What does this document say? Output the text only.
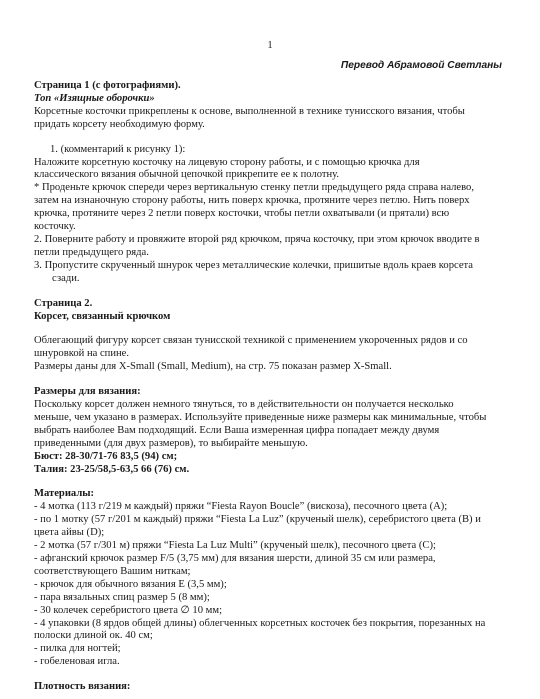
1
Перевод Абрамовой Светланы

Страница 1 (с фотографиями).

Топ «Изящные оборочки»

Корсетные косточки прикреплены к основе, выполненной в технике тунисского вязания, чтобы

придать корсету необходимую форму.

1. (комментарий к рисунку 1):

Наложите корсетную косточку на лицевую сторону работы, и с помощью крючка для

классического вязания обычной цепочкой прикрепите ее к полотну.

* Проденьте крючок спереди через вертикальную стенку петли предыдущего ряда справа налево,

затем на изнаночную сторону работы, нить поверх крючка, протяните через петлю. Нить поверх

крючка, протяните через 2 петли поверх косточки, чтобы петли охватывали (и прятали) всю

косточку.

2. Поверните работу и провяжите второй ряд крючком, пряча косточку, при этом крючок вводите в

петли предыдущего ряда.

3. Пропустите скрученный шнурок через металлические колечки, пришитые вдоль краев корсета

сзади.

Страница 2.

Корсет, связанный крючком

Облегающий фигуру корсет связан тунисской техникой с применением укороченных рядов и со

шнуровкой на спине.

Размеры даны для X-Small (Small, Medium), на стр. 75 показан размер X-Small.

Размеры для вязания:

Поскольку корсет должен немного тянуться, то в действительности он получается несколько

меньше, чем указано в размерах. Используйте приведенные ниже размеры как минимальные, чтобы

выбрать наиболее Вам подходящий. Если Ваша измеренная цифра попадает между двумя

приведенными (для двух размеров), то выбирайте меньшую.

Бюст: 28-30/71-76 83,5 (94) см;

Талия: 23-25/58,5-63,5 66 (76) см.

Материалы:

- 4 мотка (113 г/219 м каждый) пряжи “Fiesta Rayon Boucle” (вискоза), песочного цвета (A);

- по 1 мотку (57 г/201 м каждый) пряжи “Fiesta La Luz” (крученый шелк), серебристого цвета (B) и

цвета айвы (D);

- 2 мотка (57 г/301 м) пряжи “Fiesta La Luz Multi” (крученый шелк), песочного цвета (C);

- афганский крючок размер F/5 (3,75 мм) для вязания шерсти, длиной 35 см или размера,

соответствующего Вашим ниткам;

- крючок для обычного вязания E (3,5 мм);

- пара вязальных спиц размер 5 (8 мм);

- 30 колечек серебристого цвета ∅ 10 мм;

- 4 упаковки (8 ярдов общей длины) облегченных корсетных косточек без покрытия, порезанных на

полоски длиной ок. 40 см;

- пилка для ногтей;

- гобеленовая игла.

Плотность вязания:
